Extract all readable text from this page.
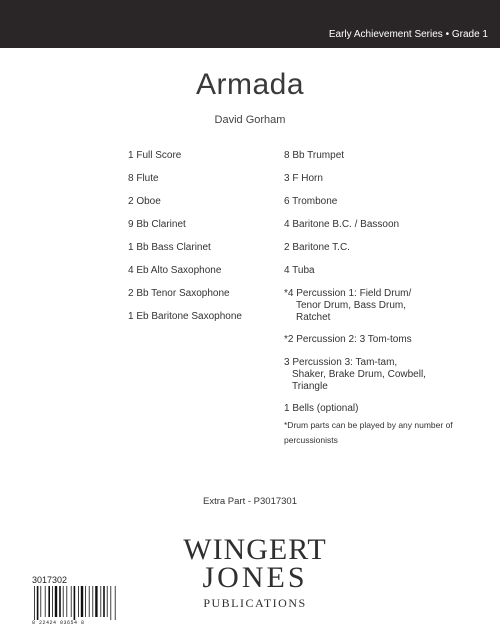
Early Achievement Series • Grade 1
Armada
David Gorham
1 Full Score
8 Flute
2 Oboe
9 Bb Clarinet
1 Bb Bass Clarinet
4 Eb Alto Saxophone
2 Bb Tenor Saxophone
1 Eb Baritone Saxophone
8 Bb Trumpet
3 F Horn
6 Trombone
4 Baritone B.C. / Bassoon
2 Baritone T.C.
4 Tuba
*4 Percussion 1: Field Drum/
Tenor Drum, Bass Drum,
Ratchet
*2 Percussion 2: 3 Tom-toms
3 Percussion 3: Tam-tam,
Shaker, Brake Drum, Cowbell,
Triangle
1 Bells (optional)
*Drum parts can be played by any number of
percussionists
Extra Part - P3017301
WINGERT
JONES
PUBLICATIONS
3017302
8 22424 03654 8
